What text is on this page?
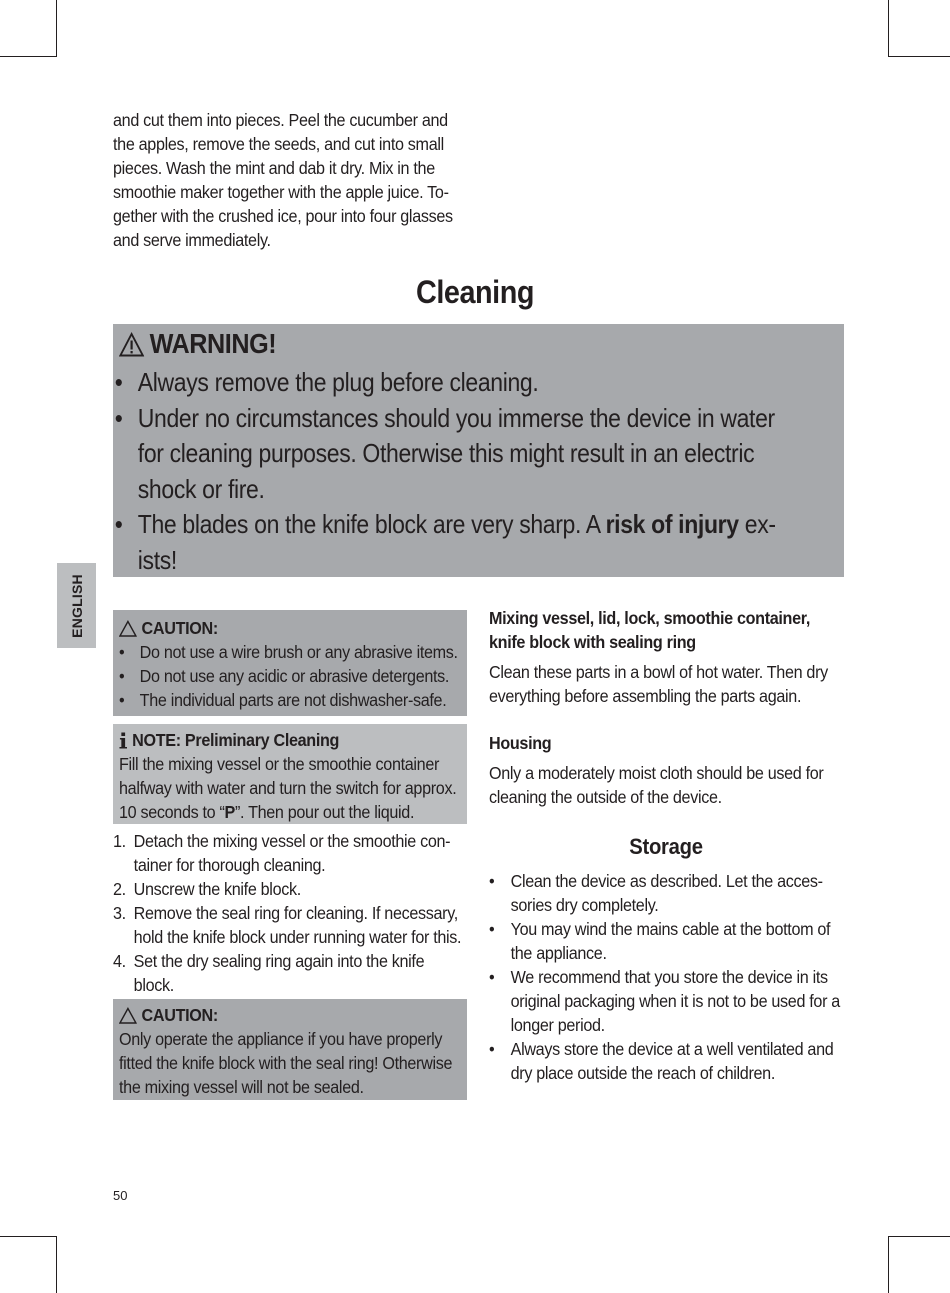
and cut them into pieces. Peel the cucumber and
the apples, remove the seeds, and cut into small
pieces. Wash the mint and dab it dry. Mix in the
smoothie maker together with the apple juice. To-
gether with the crushed ice, pour into four glasses
and serve immediately.
Cleaning
WARNING!
• Always remove the plug before cleaning.
• Under no circumstances should you immerse the device in water
for cleaning purposes. Otherwise this might result in an electric
shock or fire.
• The blades on the knife block are very sharp. A risk of injury ex-
ists!
ENGLISH	CAUTION:
• Do not use a wire brush or any abrasive items.
• Do not use any acidic or abrasive detergents.
• The individual parts are not dishwasher-safe.
NOTE: Preliminary Cleaning
Fill the mixing vessel or the smoothie container
halfway with water and turn the switch for approx.
10 seconds to “P”. Then pour out the liquid.
1. Detach the mixing vessel or the smoothie con-
tainer for thorough cleaning.
2. Unscrew the knife block.
3. Remove the seal ring for cleaning. If necessary,
hold the knife block under running water for this.
4. Set the dry sealing ring again into the knife
block.
CAUTION:
Only operate the appliance if you have properly
fitted the knife block with the seal ring! Otherwise
the mixing vessel will not be sealed.
Mixing vessel, lid, lock, smoothie container,
knife block with sealing ring
Clean these parts in a bowl of hot water. Then dry
everything before assembling the parts again.
Housing
Only a moderately moist cloth should be used for
cleaning the outside of the device.
Storage
• Clean the device as described. Let the acces-
sories dry completely.
• You may wind the mains cable at the bottom of
the appliance.
• We recommend that you store the device in its
original packaging when it is not to be used for a
longer period.
• Always store the device at a well ventilated and
dry place outside the reach of children.
50
